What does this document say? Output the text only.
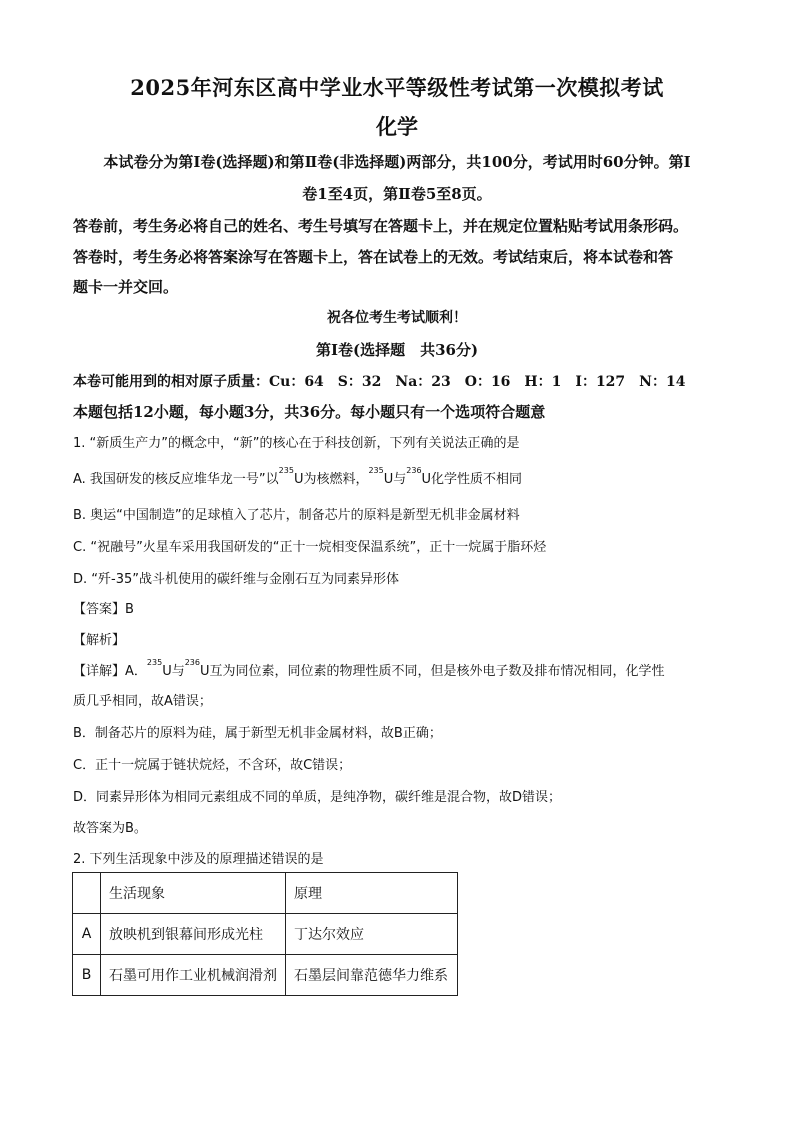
2025年河东区高中学业水平等级性考试第一次模拟考试
化学
本试卷分为第Ⅰ卷(选择题)和第Ⅱ卷(非选择题)两部分，共100分，考试用时60分钟。第Ⅰ
卷1至4页，第Ⅱ卷5至8页。
答卷前，考生务必将自己的姓名、考生号填写在答题卡上，并在规定位置粘贴考试用条形码。
答卷时，考生务必将答案涂写在答题卡上，答在试卷上的无效。考试结束后，将本试卷和答
题卡一并交回。
祝各位考生考试顺利！
第Ⅰ卷(选择题　共36分)
本卷可能用到的相对原子质量：Cu：64　S：32　Na：23　O：16　H：1　I：127　N：14
本题包括12小题，每小题3分，共36分。每小题只有一个选项符合题意
1. “新质生产力”的概念中，“新”的核心在于科技创新，下列有关说法正确的是
A. 我国研发的核反应堆华龙一号”以$^{235}$U为核燃料，$^{235}$U与$^{236}$U化学性质不相同
B. 奥运“中国制造”的足球植入了芯片，制备芯片的原料是新型无机非金属材料
C. “祝融号”火星车采用我国研发的“正十一烷相变保温系统”，正十一烷属于脂环烃
D. “歼-35”战斗机使用的碳纤维与金刚石互为同素异形体
【答案】B
【解析】
【详解】A．$^{235}$U与$^{236}$U互为同位素，同位素的物理性质不同，但是核外电子数及排布情况相同，化学性
质几乎相同，故A错误；
B．制备芯片的原料为硅，属于新型无机非金属材料，故B正确；
C．正十一烷属于链状烷烃，不含环，故C错误；
D．同素异形体为相同元素组成不同的单质，是纯净物，碳纤维是混合物，故D错误；
故答案为B。
2. 下列生活现象中涉及的原理描述错误的是
	生活现象	原理
A	放映机到银幕间形成光柱	丁达尔效应
B	石墨可用作工业机械润滑剂	石墨层间靠范德华力维系
